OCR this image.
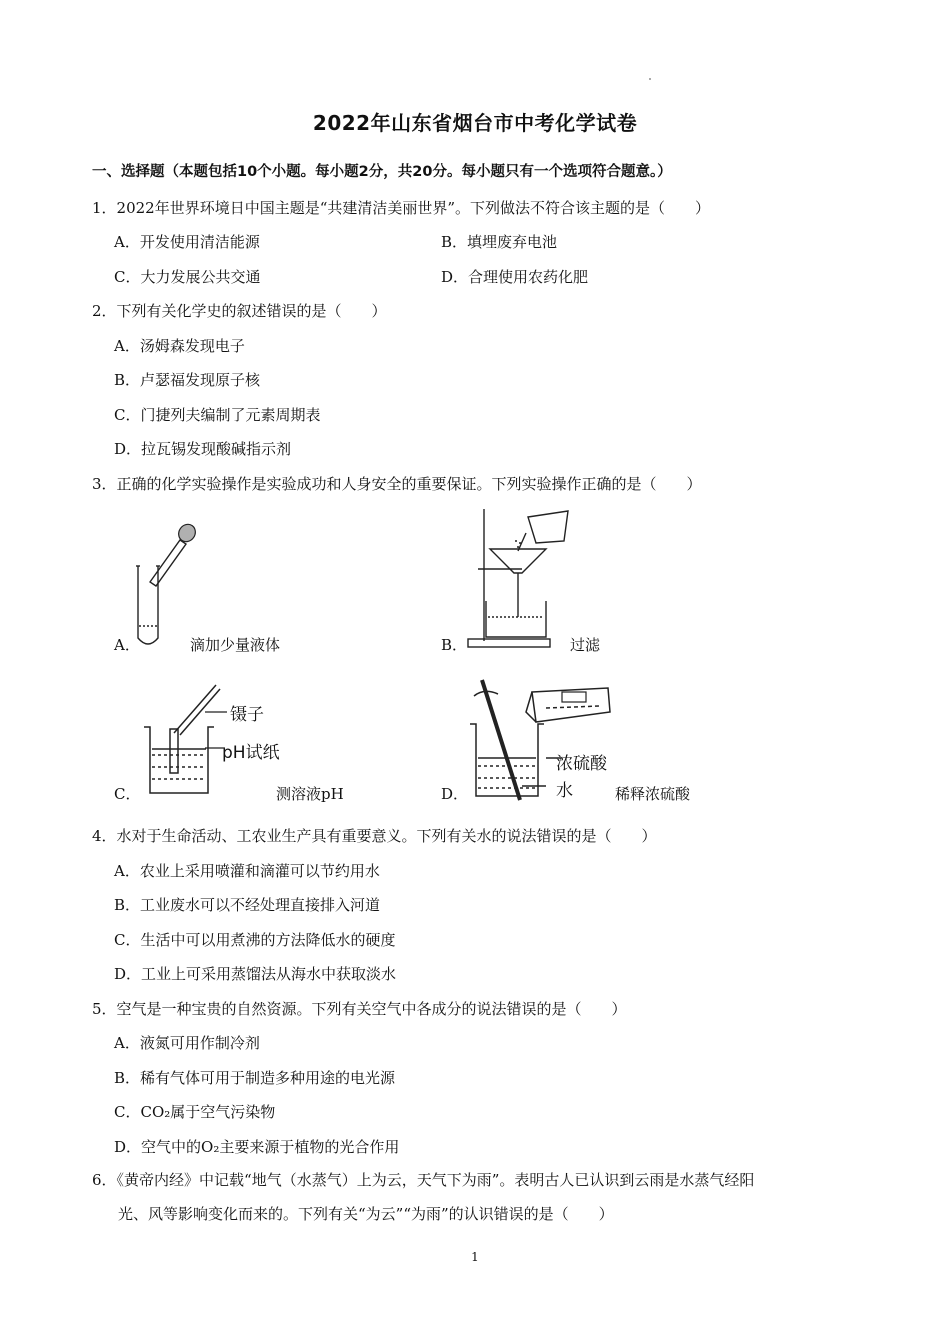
2022年山东省烟台市中考化学试卷
一、选择题（本题包括10个小题。每小题2分，共20分。每小题只有一个选项符合题意。）
1．2022年世界环境日中国主题是“共建清洁美丽世界”。下列做法不符合该主题的是（　　）
A．开发使用清洁能源	B．填埋废弃电池
C．大力发展公共交通	D．合理使用农药化肥
2．下列有关化学史的叙述错误的是（　　）
A．汤姆森发现电子
B．卢瑟福发现原子核
C．门捷列夫编制了元素周期表
D．拉瓦锡发现酸碱指示剂
3．正确的化学实验操作是实验成功和人身安全的重要保证。下列实验操作正确的是（　　）
A．	滴加少量液体	B．	过滤
镊子
pH试纸
C．	测溶液pH
浓硫酸
水
D．	稀释浓硫酸
4．水对于生命活动、工农业生产具有重要意义。下列有关水的说法错误的是（　　）
A．农业上采用喷灌和滴灌可以节约用水
B．工业废水可以不经处理直接排入河道
C．生活中可以用煮沸的方法降低水的硬度
D．工业上可采用蒸馏法从海水中获取淡水
5．空气是一种宝贵的自然资源。下列有关空气中各成分的说法错误的是（　　）
A．液氮可用作制冷剂
B．稀有气体可用于制造多种用途的电光源
C．CO₂属于空气污染物
D．空气中的O₂主要来源于植物的光合作用
6．《黄帝内经》中记载“地气（水蒸气）上为云，天气下为雨”。表明古人已认识到云雨是水蒸气经阳
光、风等影响变化而来的。下列有关“为云”“为雨”的认识错误的是（　　）
1
